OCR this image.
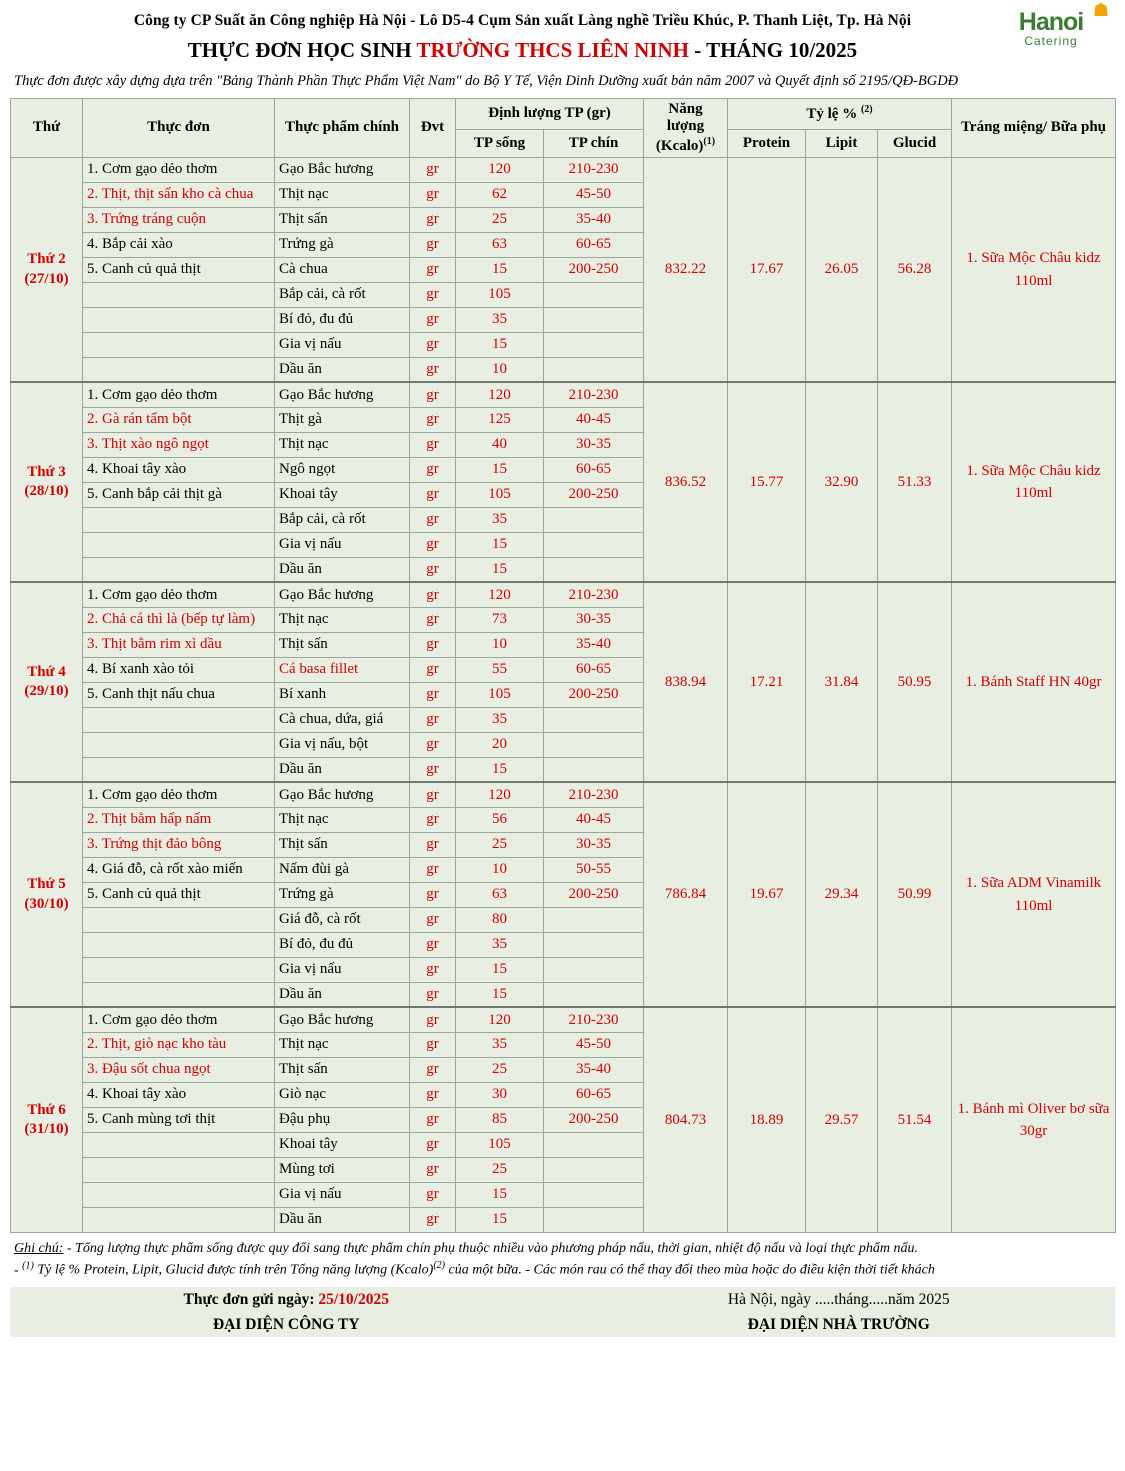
Công ty CP Suất ăn Công nghiệp Hà Nội - Lô D5-4 Cụm Sản xuất Làng nghề Triều Khúc, P. Thanh Liệt, Tp. Hà Nội
THỰC ĐƠN HỌC SINH TRƯỜNG THCS LIÊN NINH - THÁNG 10/2025
☗
Hanoi
Catering
Thực đơn được xây dựng dựa trên "Bảng Thành Phần Thực Phẩm Việt Nam" do Bộ Y Tế, Viện Dinh Dưỡng xuất bản năm 2007 và Quyết định số 2195/QĐ-BGDĐ
Thứ	Thực đơn	Thực phẩm chính	Đvt	Định lượng TP (gr)		Năng lượng (Kcalo)$^{(1)}$	Tỷ lệ % $^{(2)}$			Tráng miệng/ Bữa phụ
				TP sống	TP chín		Protein	Lipit	Glucid	

Thứ 2
(27/10)	1. Cơm gạo dẻo thơm	Gạo Bắc hương	gr	120	210-230	832.22	17.67	26.05	56.28	1. Sữa Mộc Châu kidz 110ml
	2. Thịt, thịt sấn kho cà chua	Thịt nạc	gr	62	45-50					
	3. Trứng tráng cuộn	Thịt sấn	gr	25	35-40					
	4. Bắp cải xào	Trứng gà	gr	63	60-65					
	5. Canh củ quả thịt	Cà chua	gr	15	200-250					
		Bắp cải, cà rốt	gr	105						
		Bí đỏ, đu đủ	gr	35						
		Gia vị nấu	gr	15						
		Dầu ăn	gr	10						

Thứ 3
(28/10)	1. Cơm gạo dẻo thơm	Gạo Bắc hương	gr	120	210-230	836.52	15.77	32.90	51.33	1. Sữa Mộc Châu kidz 110ml
	2. Gà rán tẩm bột	Thịt gà	gr	125	40-45					
	3. Thịt xào ngô ngọt	Thịt nạc	gr	40	30-35					
	4. Khoai tây xào	Ngô ngọt	gr	15	60-65					
	5. Canh bắp cải thịt gà	Khoai tây	gr	105	200-250					
		Bắp cải, cà rốt	gr	35						
		Gia vị nấu	gr	15						
		Dầu ăn	gr	15						

Thứ 4
(29/10)	1. Cơm gạo dẻo thơm	Gạo Bắc hương	gr	120	210-230	838.94	17.21	31.84	50.95	1. Bánh Staff HN 40gr
	2. Chả cá thì là (bếp tự làm)	Thịt nạc	gr	73	30-35					
	3. Thịt bằm rim xì dầu	Thịt sấn	gr	10	35-40					
	4. Bí xanh xào tỏi	Cá basa fillet	gr	55	60-65					
	5. Canh thịt nấu chua	Bí xanh	gr	105	200-250					
		Cà chua, dứa, giá	gr	35						
		Gia vị nấu, bột	gr	20						
		Dầu ăn	gr	15						

Thứ 5
(30/10)	1. Cơm gạo dẻo thơm	Gạo Bắc hương	gr	120	210-230	786.84	19.67	29.34	50.99	1. Sữa ADM Vinamilk 110ml
	2. Thịt bằm hấp nấm	Thịt nạc	gr	56	40-45					
	3. Trứng thịt đảo bông	Thịt sấn	gr	25	30-35					
	4. Giá đỗ, cà rốt xào miến	Nấm đùi gà	gr	10	50-55					
	5. Canh củ quả thịt	Trứng gà	gr	63	200-250					
		Giá đỗ, cà rốt	gr	80						
		Bí đỏ, đu đủ	gr	35						
		Gia vị nấu	gr	15						
		Dầu ăn	gr	15						

Thứ 6
(31/10)	1. Cơm gạo dẻo thơm	Gạo Bắc hương	gr	120	210-230	804.73	18.89	29.57	51.54	1. Bánh mì Oliver bơ sữa 30gr
	2. Thịt, giò nạc kho tàu	Thịt nạc	gr	35	45-50					
	3. Đậu sốt chua ngọt	Thịt sấn	gr	25	35-40					
	4. Khoai tây xào	Giò nạc	gr	30	60-65					
	5. Canh mùng tơi thịt	Đậu phụ	gr	85	200-250					
		Khoai tây	gr	105						
		Mùng tơi	gr	25						
		Gia vị nấu	gr	15						
		Dầu ăn	gr	15						
Ghi chú: - Tổng lượng thực phẩm sống được quy đổi sang thực phẩm chín phụ thuộc nhiều vào phương pháp nấu, thời gian, nhiệt độ nấu và loại thực phẩm nấu.
- $^{(1)}$ Tỷ lệ % Protein, Lipit, Glucid được tính trên Tổng năng lượng (Kcalo)$^{(2)}$ của một bữa. - Các món rau có thể thay đổi theo mùa hoặc do điều kiện thời tiết khách
Thực đơn gửi ngày: 25/10/2025	Hà Nội, ngày .....tháng.....năm 2025
ĐẠI DIỆN CÔNG TY	ĐẠI DIỆN NHÀ TRƯỜNG
